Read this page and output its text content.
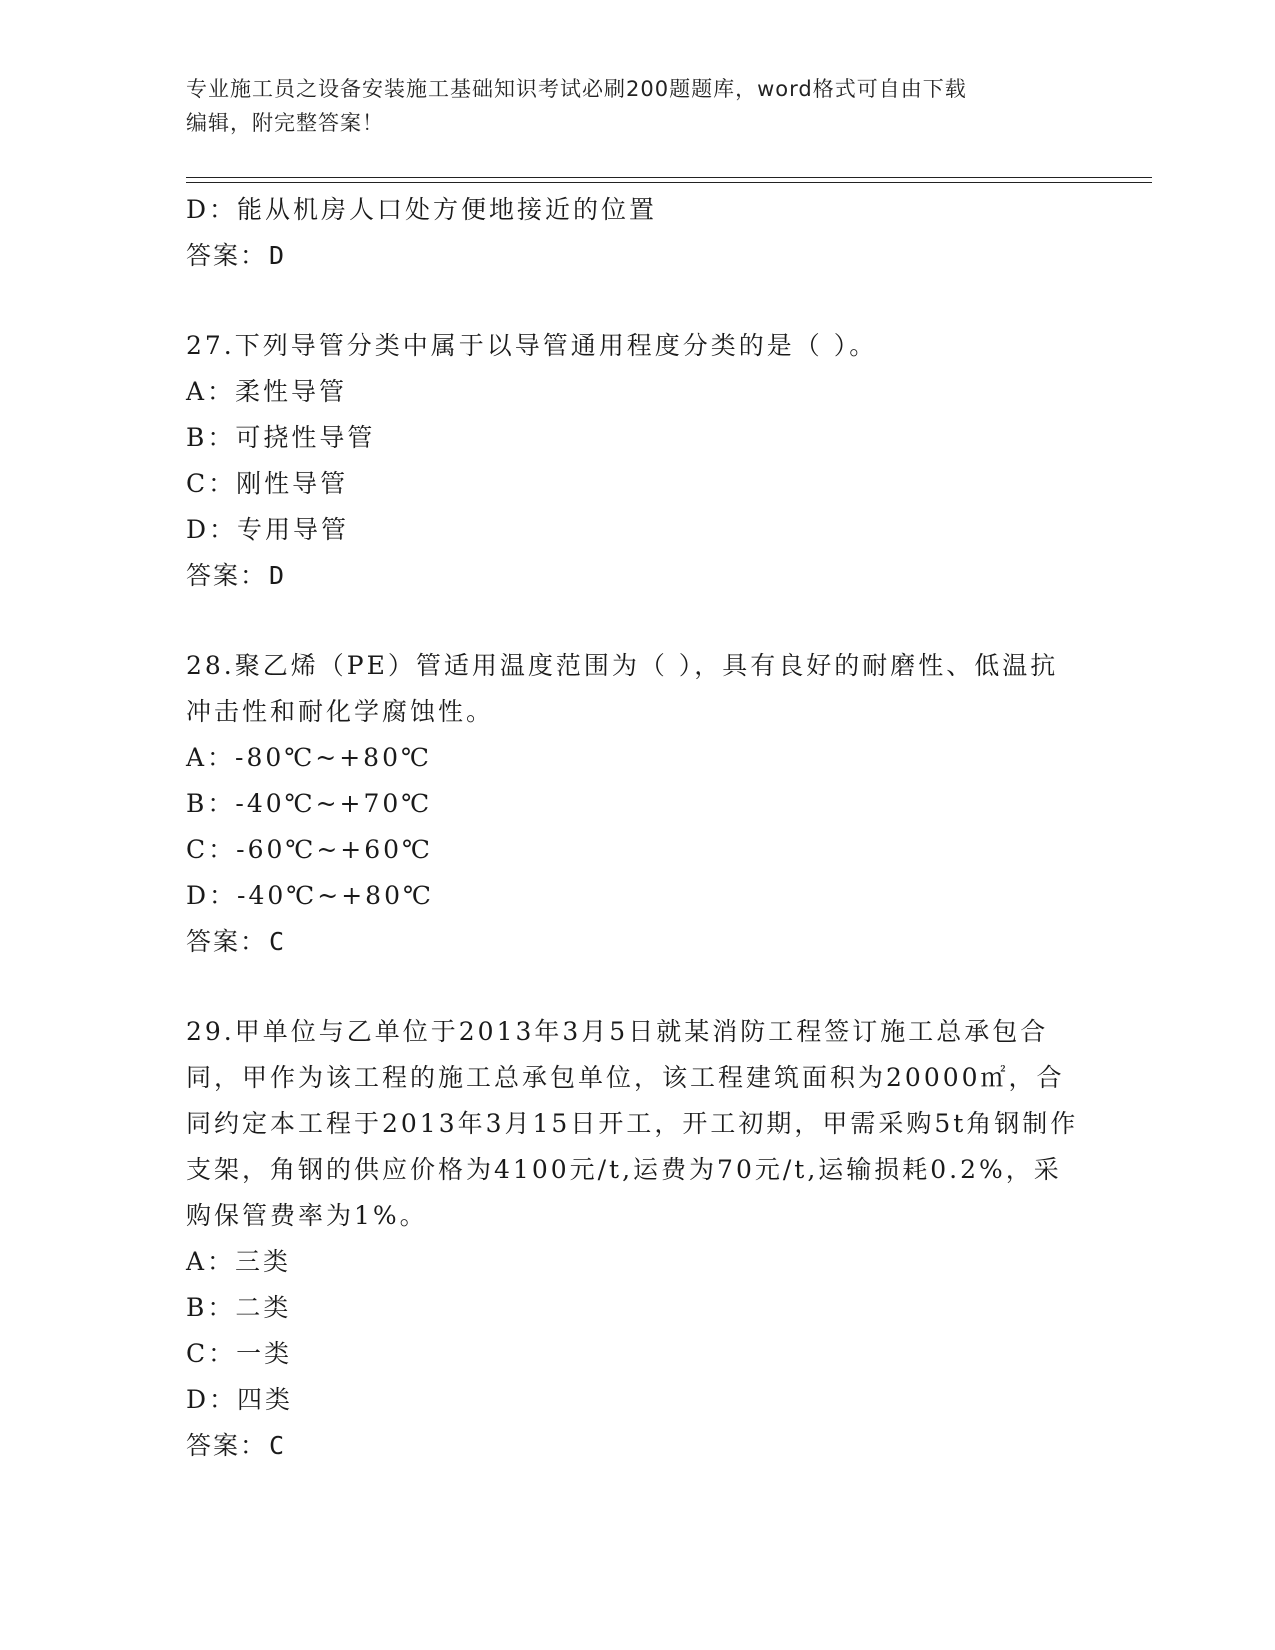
专业施工员之设备安装施工基础知识考试必刷200题题库，word格式可自由下载
编辑，附完整答案！
D：能从机房人口处方便地接近的位置
答案：D
27.下列导管分类中属于以导管通用程度分类的是（ ）。
A：柔性导管
B：可挠性导管
C：刚性导管
D：专用导管
答案：D
28.聚乙烯（PE）管适用温度范围为（ ），具有良好的耐磨性、低温抗冲击性和耐化学腐蚀性。
A：-80℃~+80℃
B：-40℃~+70℃
C：-60℃~+60℃
D：-40℃~+80℃
答案：C
29.甲单位与乙单位于2013年3月5日就某消防工程签订施工总承包合同，甲作为该工程的施工总承包单位，该工程建筑面积为20000㎡，合同约定本工程于2013年3月15日开工，开工初期，甲需采购5t角钢制作支架，角钢的供应价格为4100元/t,运费为70元/t,运输损耗0.2%，采购保管费率为1%。
A：三类
B：二类
C：一类
D：四类
答案：C
